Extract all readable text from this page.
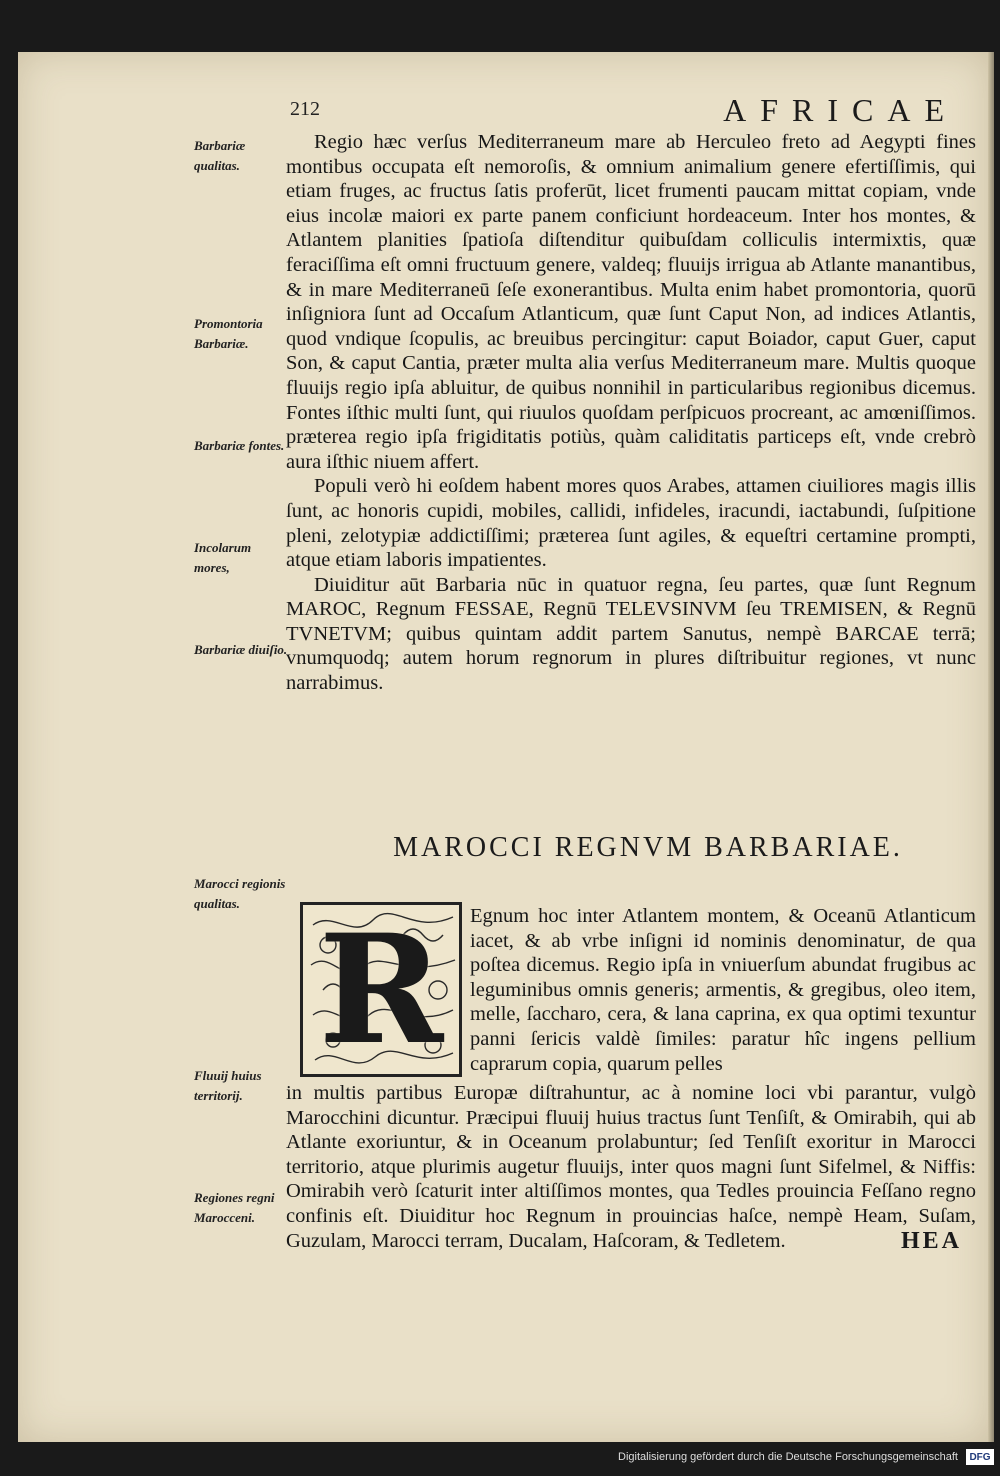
212	AFRICAE
Barbariæ qualitas.
Promontoria Barbariæ.
Barbariæ fontes.
Incolarum mores,
Barbariæ diuiſio.
Marocci regionis qualitas.
Fluuij huius territorij.
Regiones regni Marocceni.

Regio hæc verſus Mediterraneum mare ab Herculeo freto ad Aegypti fines montibus occupata eſt nemoroſis, & omnium animalium genere efertiſſimis, qui etiam fruges, ac fructus ſatis proferūt, licet frumenti paucam mittat copiam, vnde eius incolæ maiori ex parte panem conficiunt hordeaceum. Inter hos montes, & Atlantem planities ſpatioſa diſtenditur quibuſdam colliculis intermixtis, quæ feraciſſima eſt omni fructuum genere, valdeq; fluuijs irrigua ab Atlante manantibus, & in mare Mediterraneū ſeſe exonerantibus. Multa enim habet promontoria, quorū inſigniora ſunt ad Occaſum Atlanticum, quæ ſunt Caput Non, ad indices Atlantis, quod vndique ſcopulis, ac breuibus percingitur: caput Boiador, caput Guer, caput Son, & caput Cantia, præter multa alia verſus Mediterraneum mare. Multis quoque fluuijs regio ipſa abluitur, de quibus nonnihil in particularibus regionibus dicemus. Fontes iſthic multi ſunt, qui riuulos quoſdam perſpicuos procreant, ac amœniſſimos. præterea regio ipſa frigiditatis potiùs, quàm caliditatis particeps eſt, vnde crebrò aura iſthic niuem affert.

Populi verò hi eoſdem habent mores quos Arabes, attamen ciuiliores magis illis ſunt, ac honoris cupidi, mobiles, callidi, infideles, iracundi, iactabundi, ſuſpitione pleni, zelotypiæ addictiſſimi; præterea ſunt agiles, & equeſtri certamine prompti, atque etiam laboris impatientes.

Diuiditur aūt Barbaria nūc in quatuor regna, ſeu partes, quæ ſunt Regnum MAROC, Regnum FESSAE, Regnū TELEVSINVM ſeu TREMISEN, & Regnū TVNETVM; quibus quintam addit partem Sanutus, nempè BARCAE terrā; vnumquodq; autem horum regnorum in plures diſtribuitur regiones, vt nunc narrabimus.

MAROCCI REGNVM BARBARIAE.
R Egnum hoc inter Atlantem montem, & Oceanū Atlanticum iacet, & ab vrbe inſigni id nominis denominatur, de qua poſtea dicemus. Regio ipſa in vniuerſum abundat frugibus ac leguminibus omnis generis; armentis, & gregibus, oleo item, melle, ſaccharo, cera, & lana caprina, ex qua optimi texuntur panni ſericis valdè ſimiles: paratur hîc ingens pellium caprarum copia, quarum pelles

in multis partibus Europæ diſtrahuntur, ac à nomine loci vbi parantur, vulgò Marocchini dicuntur. Præcipui fluuij huius tractus ſunt Tenſiſt, & Omirabih, qui ab Atlante exoriuntur, & in Oceanum prolabuntur; ſed Tenſiſt exoritur in Marocci territorio, atque plurimis augetur fluuijs, inter quos magni ſunt Sifelmel, & Niffis: Omirabih verò ſcaturit inter altiſſimos montes, qua Tedles prouincia Feſſano regno confinis eſt. Diuiditur hoc Regnum in prouincias haſce, nempè Heam, Suſam, Guzulam, Marocci terram, Ducalam, Haſcoram, & Tedletem.	HEA
Digitalisierung gefördert durch die Deutsche Forschungsgemeinschaft	DFG
